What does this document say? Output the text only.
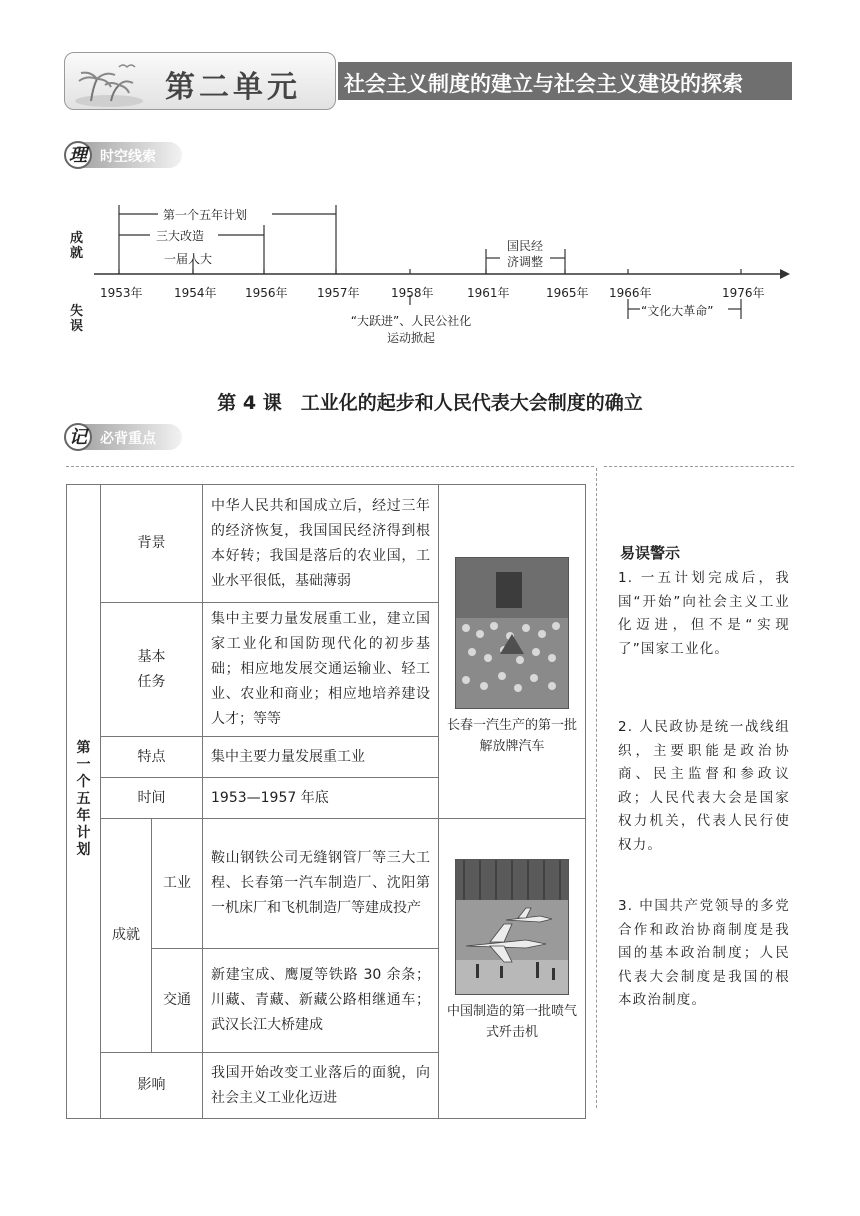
第二单元 社会主义制度的建立与社会主义建设的探索
理 时空线索
成就
失误
第一个五年计划
三大改造
一届人大
国民经济调整
1953年	1954年 1956年 1957年	1958年	1961年	1965年 1966年	1976年
“大跃进”、人民公社化运动掀起
“文化大革命”
第 4 课　工业化的起步和人民代表大会制度的确立
记 必背重点
第一个五年计划	背景		中华人民共和国成立后，经过三年的经济恢复，我国国民经济得到根本好转；我国是落后的农业国，工业水平很低，基础薄弱	长春一汽生产的第一批解放牌汽车

	基本任务		集中主要力量发展重工业，建立国家工业化和国防现代化的初步基础；相应地发展交通运输业、轻工业、农业和商业；相应地培养建设人才；等等	
	特点		集中主要力量发展重工业	
	时间		1953—1957 年底	
	成就	工业	鞍山钢铁公司无缝钢管厂等三大工程、长春第一汽车制造厂、沈阳第一机床厂和飞机制造厂等建成投产	中国制造的第一批喷气式歼击机

		交通	新建宝成、鹰厦等铁路 30 余条；川藏、青藏、新藏公路相继通车；武汉长江大桥建成	
	影响		我国开始改变工业落后的面貌，向社会主义工业化迈进	
易误警示
1. 一五计划完成后，我国“开始”向社会主义工业化迈进，但不是“实现了”国家工业化。
2. 人民政协是统一战线组织，主要职能是政治协商、民主监督和参政议政；人民代表大会是国家权力机关，代表人民行使权力。
3. 中国共产党领导的多党合作和政治协商制度是我国的基本政治制度；人民代表大会制度是我国的根本政治制度。
